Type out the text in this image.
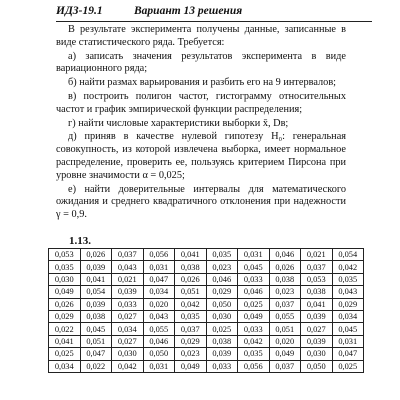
ИДЗ-19.1	Вариант 13 решения

В результате эксперимента получены данные, записанные в виде статистического ряда. Требуется:

а) записать значения результатов эксперимента в виде вариационного ряда;

б) найти размах варьирования и разбить его на 9 интервалов;

в) построить полигон частот, гистограмму относительных частот и график эмпирической функции распределения;

г) найти числовые характеристики выборки x̄, Dв;

д) приняв в качестве нулевой гипотезу H₀: генеральная совокупность, из которой извлечена выборка, имеет нормальное распределение, проверить ее, пользуясь критерием Пирсона при уровне значимости α = 0,025;

е) найти доверительные интервалы для математического ожидания и среднего квадратичного отклонения при надежности γ = 0,9.

1.13.
0,053	0,026	0,037	0,056	0,041	0,035	0,031	0,046	0,021	0,054
0,035	0,039	0,043	0,031	0,038	0,023	0,045	0,026	0,037	0,042
0,030	0,041	0,021	0,047	0,026	0,046	0,033	0,038	0,053	0,035
0,049	0,054	0,039	0,034	0,051	0,029	0,046	0,023	0,038	0,043
0,026	0,039	0,033	0,020	0,042	0,050	0,025	0,037	0,041	0,029
0,029	0,038	0,027	0,043	0,035	0,030	0,049	0,055	0,039	0,034
0,022	0,045	0,034	0,055	0,037	0,025	0,033	0,051	0,027	0,045
0,041	0,051	0,027	0,046	0,029	0,038	0,042	0,020	0,039	0,031
0,025	0,047	0,030	0,050	0,023	0,039	0,035	0,049	0,030	0,047
0,034	0,022	0,042	0,031	0,049	0,033	0,056	0,037	0,050	0,025
